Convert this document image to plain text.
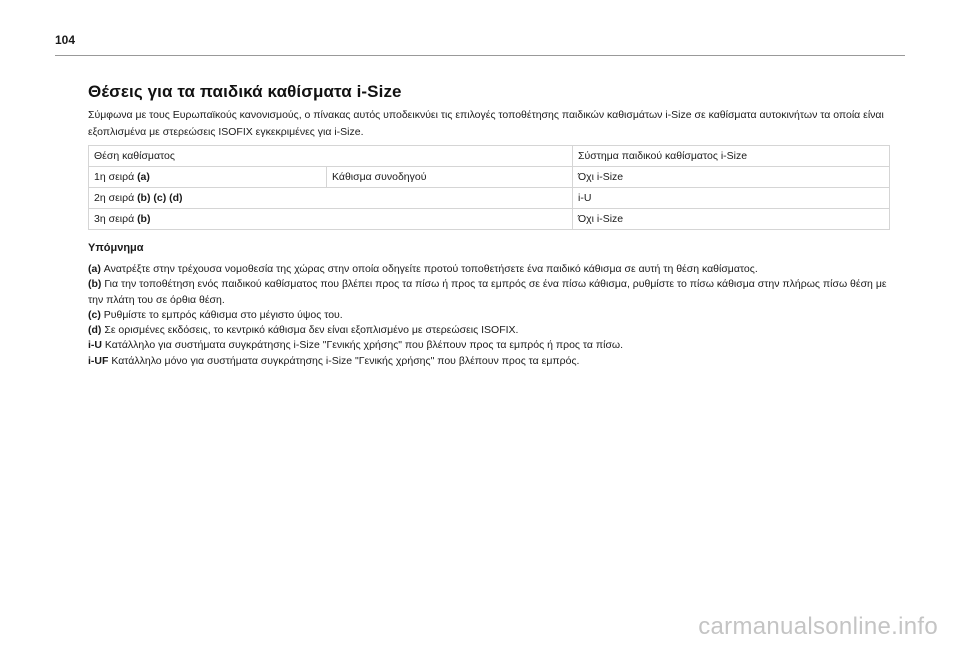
104
Θέσεις για τα παιδικά καθίσματα i-Size

Σύμφωνα με τους Ευρωπαϊκούς κανονισμούς, ο πίνακας αυτός υποδεικνύει τις επιλογές τοποθέτησης παιδικών καθισμάτων i-Size σε καθίσματα αυτοκινήτων τα οποία είναι εξοπλισμένα με στερεώσεις ISOFIX εγκεκριμένες για i-Size.

Θέση καθίσματος		Σύστημα παιδικού καθίσματος i-Size
1η σειρά (a)	Κάθισμα συνοδηγού	Όχι i-Size
2η σειρά (b) (c) (d)		i-U
3η σειρά (b)		Όχι i-Size
Υπόμνημα

(a) Ανατρέξτε στην τρέχουσα νομοθεσία της χώρας στην οποία οδηγείτε προτού τοποθετήσετε ένα παιδικό κάθισμα σε αυτή τη θέση καθίσματος.

(b) Για την τοποθέτηση ενός παιδικού καθίσματος που βλέπει προς τα πίσω ή προς τα εμπρός σε ένα πίσω κάθισμα, ρυθμίστε το πίσω κάθισμα στην πλήρως πίσω θέση με την πλάτη του σε όρθια θέση.

(c) Ρυθμίστε το εμπρός κάθισμα στο μέγιστο ύψος του.

(d) Σε ορισμένες εκδόσεις, το κεντρικό κάθισμα δεν είναι εξοπλισμένο με στερεώσεις ISOFIX.

i-U Κατάλληλο για συστήματα συγκράτησης i-Size "Γενικής χρήσης" που βλέπουν προς τα εμπρός ή προς τα πίσω.

i-UF Κατάλληλο μόνο για συστήματα συγκράτησης i-Size "Γενικής χρήσης" που βλέπουν προς τα εμπρός.

carmanualsonline.info
